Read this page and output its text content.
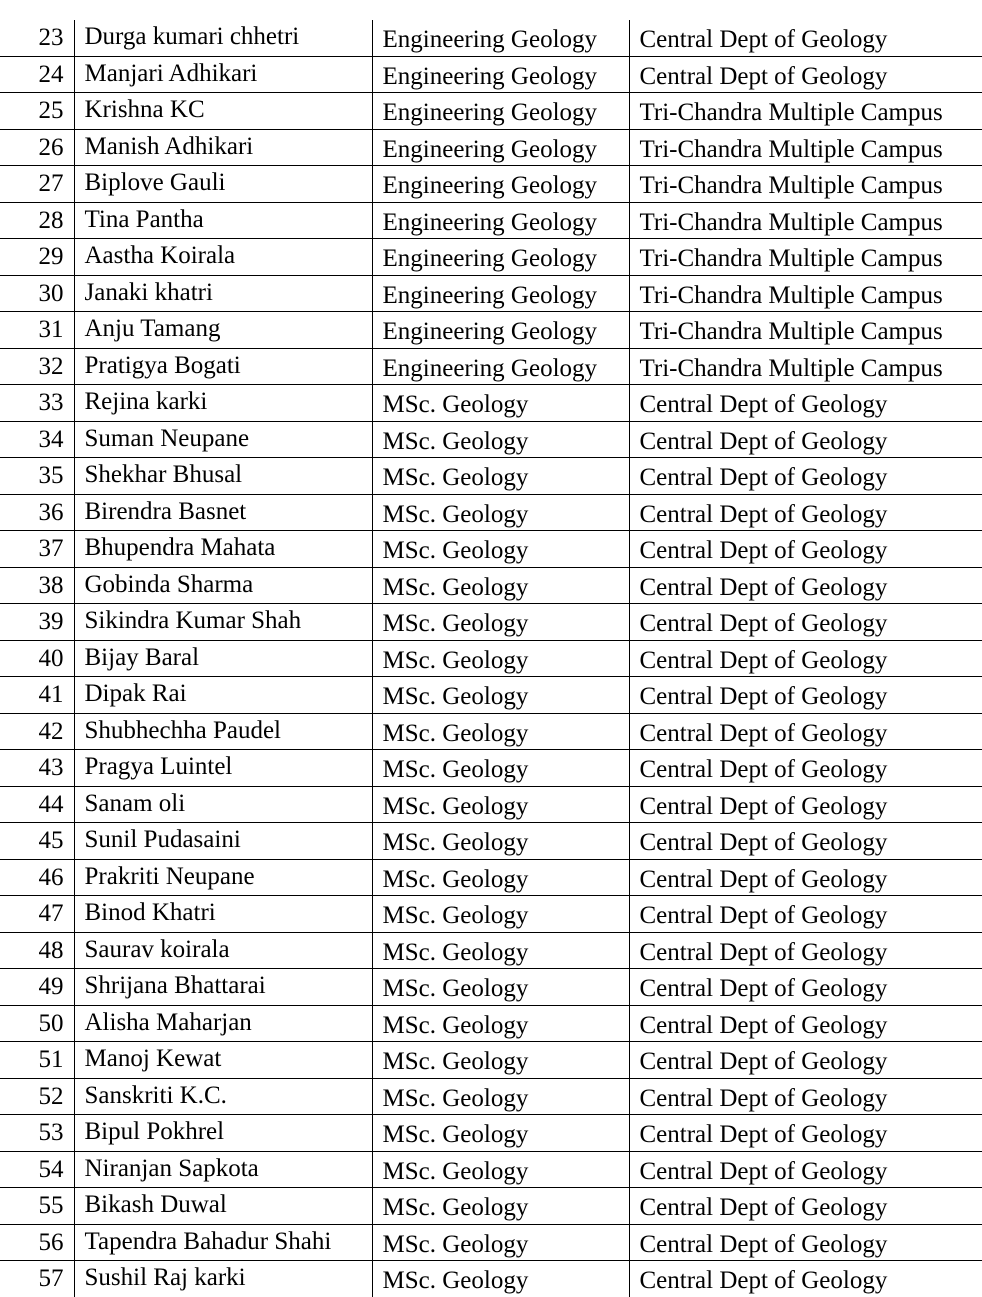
23	Durga kumari chhetri	Engineering Geology	Central Dept of Geology
24	Manjari Adhikari	Engineering Geology	Central Dept of Geology
25	Krishna KC	Engineering Geology	Tri-Chandra Multiple Campus
26	Manish Adhikari	Engineering Geology	Tri-Chandra Multiple Campus
27	Biplove Gauli	Engineering Geology	Tri-Chandra Multiple Campus
28	Tina Pantha	Engineering Geology	Tri-Chandra Multiple Campus
29	Aastha Koirala	Engineering Geology	Tri-Chandra Multiple Campus
30	Janaki khatri	Engineering Geology	Tri-Chandra Multiple Campus
31	Anju Tamang	Engineering Geology	Tri-Chandra Multiple Campus
32	Pratigya Bogati	Engineering Geology	Tri-Chandra Multiple Campus
33	Rejina karki	MSc. Geology	Central Dept of Geology
34	Suman Neupane	MSc. Geology	Central Dept of Geology
35	Shekhar Bhusal	MSc. Geology	Central Dept of Geology
36	Birendra Basnet	MSc. Geology	Central Dept of Geology
37	Bhupendra Mahata	MSc. Geology	Central Dept of Geology
38	Gobinda Sharma	MSc. Geology	Central Dept of Geology
39	Sikindra Kumar Shah	MSc. Geology	Central Dept of Geology
40	Bijay Baral	MSc. Geology	Central Dept of Geology
41	Dipak Rai	MSc. Geology	Central Dept of Geology
42	Shubhechha Paudel	MSc. Geology	Central Dept of Geology
43	Pragya Luintel	MSc. Geology	Central Dept of Geology
44	Sanam oli	MSc. Geology	Central Dept of Geology
45	Sunil Pudasaini	MSc. Geology	Central Dept of Geology
46	Prakriti Neupane	MSc. Geology	Central Dept of Geology
47	Binod Khatri	MSc. Geology	Central Dept of Geology
48	Saurav koirala	MSc. Geology	Central Dept of Geology
49	Shrijana Bhattarai	MSc. Geology	Central Dept of Geology
50	Alisha Maharjan	MSc. Geology	Central Dept of Geology
51	Manoj Kewat	MSc. Geology	Central Dept of Geology
52	Sanskriti K.C.	MSc. Geology	Central Dept of Geology
53	Bipul Pokhrel	MSc. Geology	Central Dept of Geology
54	Niranjan Sapkota	MSc. Geology	Central Dept of Geology
55	Bikash Duwal	MSc. Geology	Central Dept of Geology
56	Tapendra Bahadur Shahi	MSc. Geology	Central Dept of Geology
57	Sushil Raj karki	MSc. Geology	Central Dept of Geology
